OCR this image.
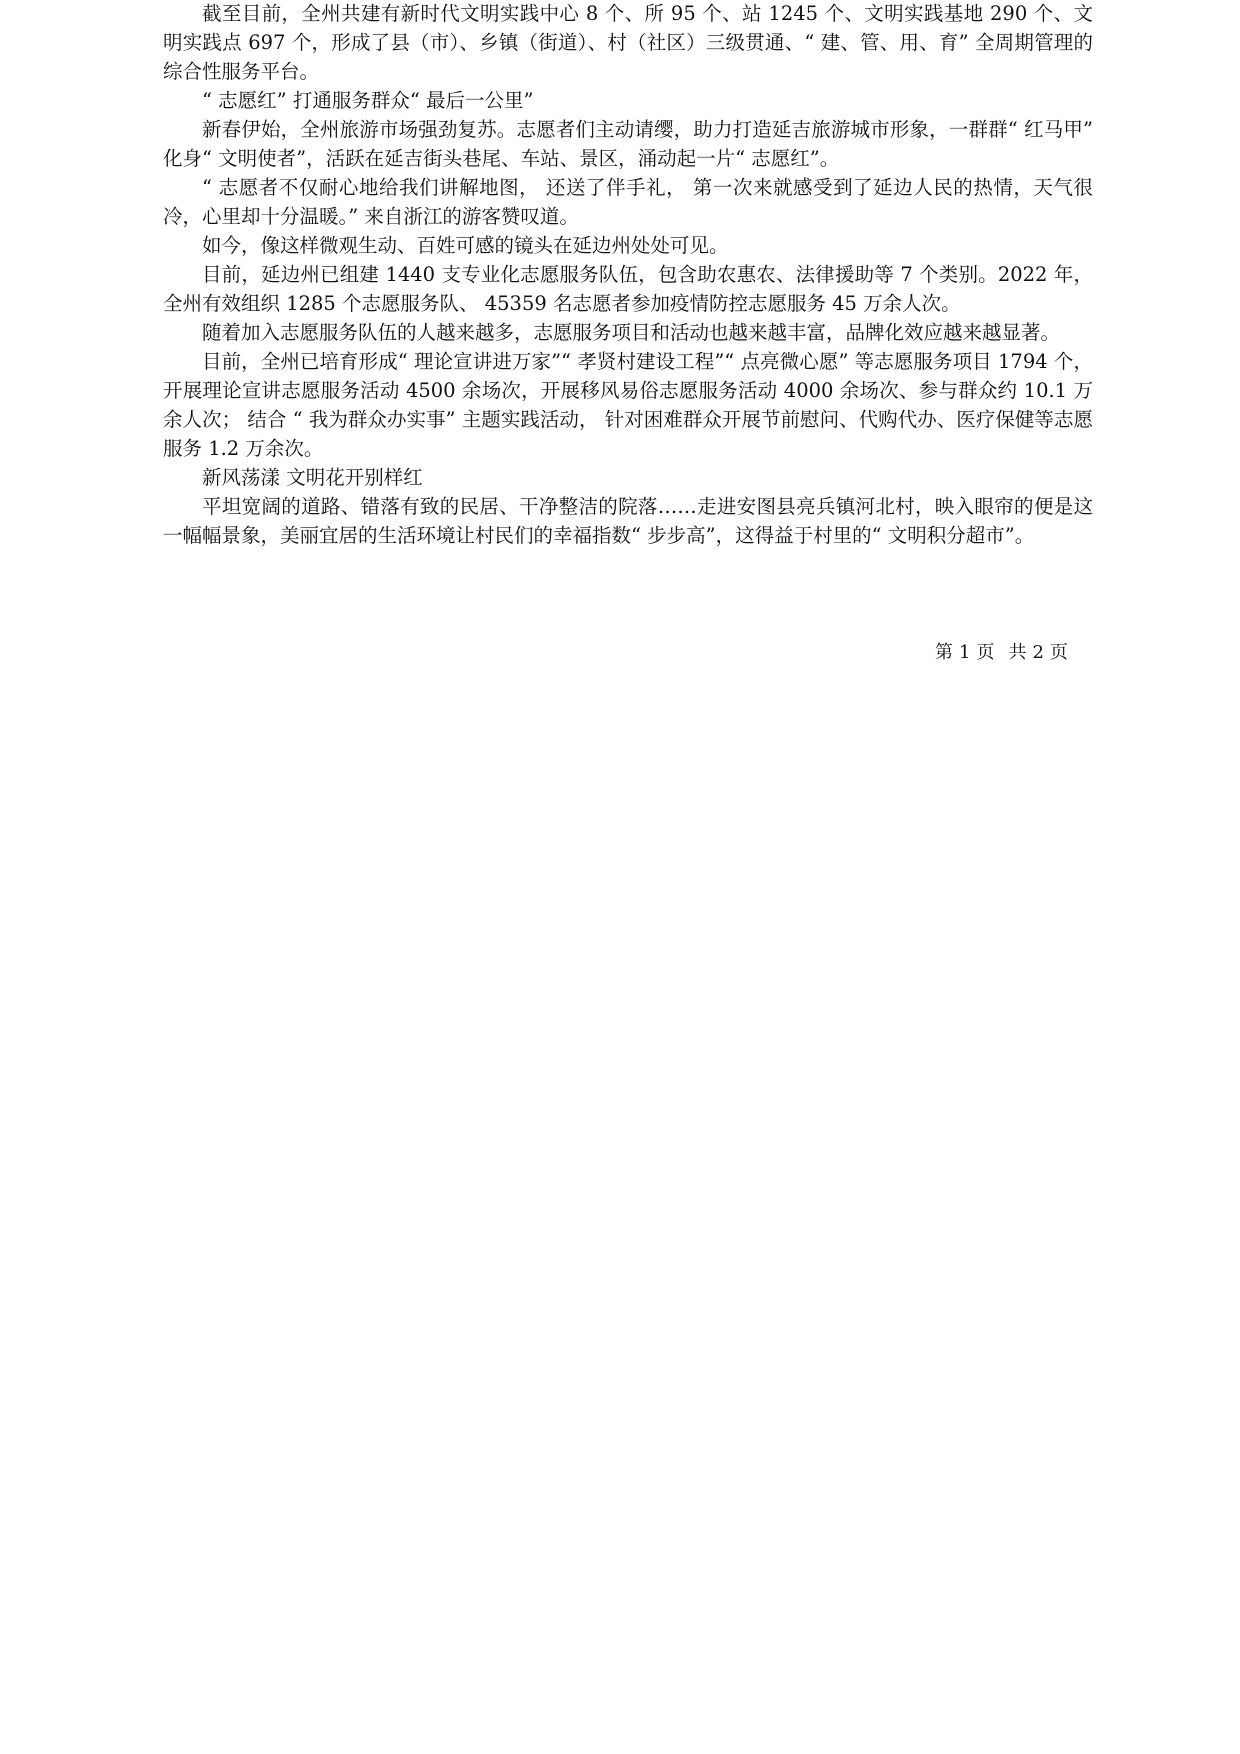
截至目前，全州共建有新时代文明实践中心 8 个、所 95 个、站 1245 个、文明实践基地 290 个、文明实践点 697 个，形成了县（市）、乡镇（街道）、村（社区）三级贯通、“ 建、管、用、育” 全周期管理的综合性服务平台。

“ 志愿红” 打通服务群众“ 最后一公里”

新春伊始，全州旅游市场强劲复苏。志愿者们主动请缨，助力打造延吉旅游城市形象，一群群“ 红马甲” 化身“ 文明使者”，活跃在延吉街头巷尾、车站、景区，涌动起一片“ 志愿红”。

“ 志愿者不仅耐心地给我们讲解地图， 还送了伴手礼， 第一次来就感受到了延边人民的热情，天气很冷，心里却十分温暖。” 来自浙江的游客赞叹道。

如今，像这样微观生动、百姓可感的镜头在延边州处处可见。

目前，延边州已组建 1440 支专业化志愿服务队伍，包含助农惠农、法律援助等 7 个类别。2022 年， 全州有效组织 1285 个志愿服务队、 45359 名志愿者参加疫情防控志愿服务 45 万余人次。

随着加入志愿服务队伍的人越来越多，志愿服务项目和活动也越来越丰富，品牌化效应越来越显著。

目前，全州已培育形成“ 理论宣讲进万家”“ 孝贤村建设工程”“ 点亮微心愿” 等志愿服务项目 1794 个，开展理论宣讲志愿服务活动 4500 余场次，开展移风易俗志愿服务活动 4000 余场次、参与群众约 10.1 万余人次； 结合 “ 我为群众办实事” 主题实践活动， 针对困难群众开展节前慰问、代购代办、医疗保健等志愿服务 1.2 万余次。

新风荡漾 文明花开别样红

平坦宽阔的道路、错落有致的民居、干净整洁的院落……走进安图县亮兵镇河北村，映入眼帘的便是这一幅幅景象，美丽宜居的生活环境让村民们的幸福指数“ 步步高”，这得益于村里的“ 文明积分超市”。

第 1 页 共 2 页
